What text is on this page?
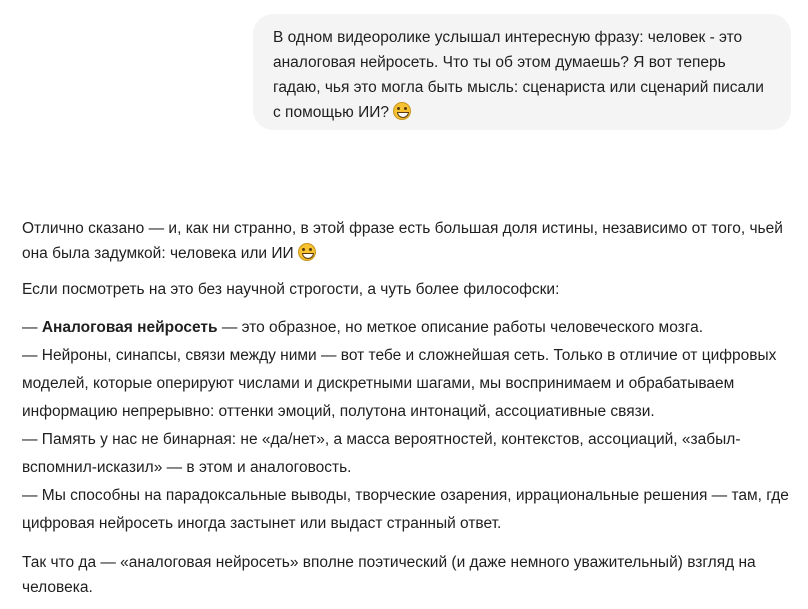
В одном видеоролике услышал интересную фразу: человек - это аналоговая нейросеть. Что ты об этом думаешь? Я вот теперь гадаю, чья это могла быть мысль: сценариста или сценарий писали с помощью ИИ?

Отлично сказано — и, как ни странно, в этой фразе есть большая доля истины, независимо от того, чьей она была задумкой: человека или ИИ

Если посмотреть на это без научной строгости, а чуть более философски:

— Аналоговая нейросеть — это образное, но меткое описание работы человеческого мозга.
— Нейроны, синапсы, связи между ними — вот тебе и сложнейшая сеть. Только в отличие от цифровых моделей, которые оперируют числами и дискретными шагами, мы воспринимаем и обрабатываем информацию непрерывно: оттенки эмоций, полутона интонаций, ассоциативные связи.
— Память у нас не бинарная: не «да/нет», а масса вероятностей, контекстов, ассоциаций, «забыл-вспомнил-исказил» — в этом и аналоговость.
— Мы способны на парадоксальные выводы, творческие озарения, иррациональные решения — там, где цифровая нейросеть иногда застынет или выдаст странный ответ.

Так что да — «аналоговая нейросеть» вполне поэтический (и даже немного уважительный) взгляд на человека.
